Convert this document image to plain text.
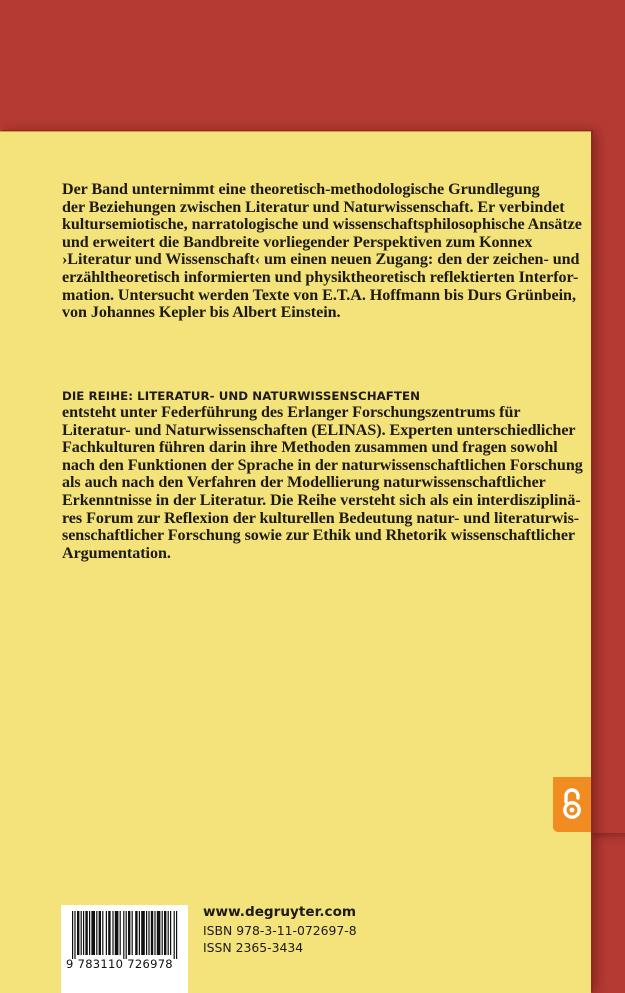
Der Band unternimmt eine theoretisch-methodologische Grundlegung
der Beziehungen zwischen Literatur und Naturwissenschaft. Er verbindet
kultursemiotische, narratologische und wissenschaftsphilosophische Ansätze
und erweitert die Bandbreite vorliegender Perspektiven zum Konnex
›Literatur und Wissenschaft‹ um einen neuen Zugang: den der zeichen- und
erzähltheoretisch informierten und physiktheoretisch reflektierten Interfor-
mation. Untersucht werden Texte von E.T.A. Hoffmann bis Durs Grünbein,
von Johannes Kepler bis Albert Einstein.

DIE REIHE: LITERATUR- UND NATURWISSENSCHAFTEN

entsteht unter Federführung des Erlanger Forschungszentrums für
Literatur- und Naturwissenschaften (ELINAS). Experten unterschiedlicher
Fachkulturen führen darin ihre Methoden zusammen und fragen sowohl
nach den Funktionen der Sprache in der naturwissenschaftlichen Forschung
als auch nach den Verfahren der Modellierung naturwissenschaftlicher
Erkenntnisse in der Literatur. Die Reihe versteht sich als ein interdisziplinä-
res Forum zur Reflexion der kulturellen Bedeutung natur- und literaturwis-
senschaftlicher Forschung sowie zur Ethik und Rhetorik wissenschaftlicher
Argumentation.

9 783110 726978
www.degruyter.com
ISBN 978-3-11-072697-8
ISSN 2365-3434
